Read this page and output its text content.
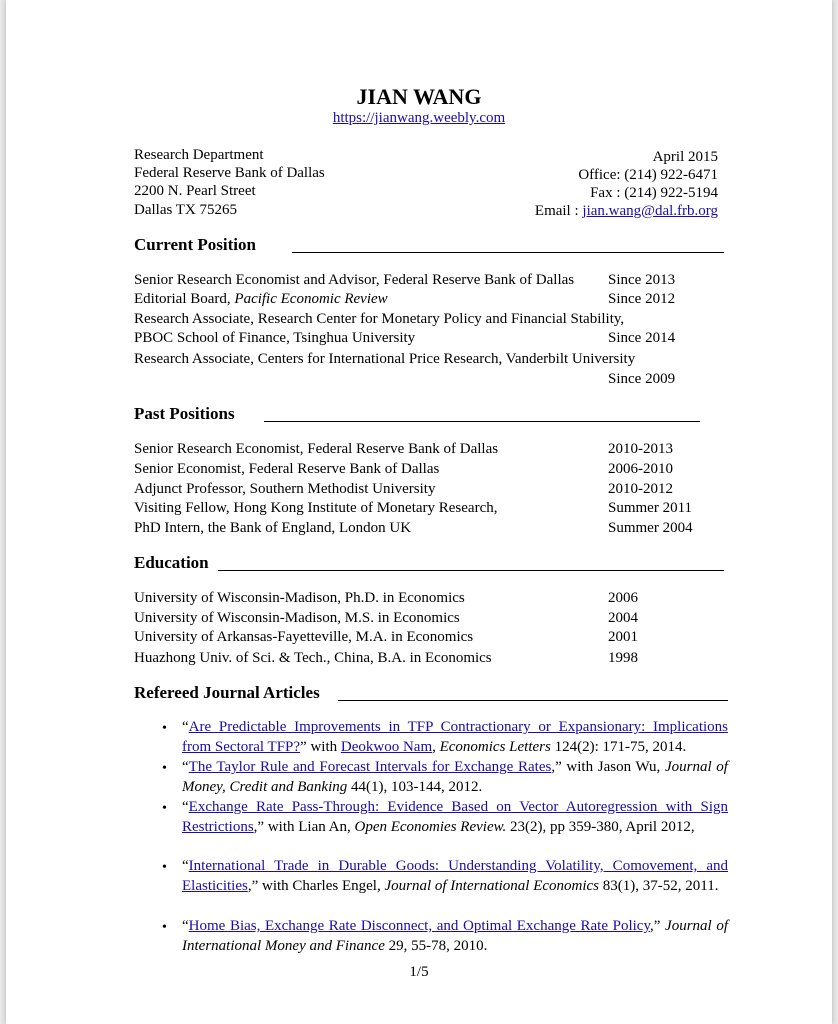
JIAN WANG
https://jianwang.weebly.com
Research Department
Federal Reserve Bank of Dallas
2200 N. Pearl Street
Dallas TX 75265
April 2015
Office: (214) 922-6471
Fax : (214) 922-5194
Email : jian.wang@dal.frb.org
Current Position
Senior Research Economist and Advisor, Federal Reserve Bank of Dallas Since 2013
Editorial Board, Pacific Economic Review	Since 2012
Research Associate, Research Center for Monetary Policy and Financial Stability,
PBOC School of Finance, Tsinghua University	Since 2014
Research Associate, Centers for International Price Research, Vanderbilt University
Since 2009
Past Positions
Senior Research Economist, Federal Reserve Bank of Dallas	2010-2013
Senior Economist, Federal Reserve Bank of Dallas	2006-2010
Adjunct Professor, Southern Methodist University	2010-2012
Visiting Fellow, Hong Kong Institute of Monetary Research,	Summer 2011
PhD Intern, the Bank of England, London UK	Summer 2004
Education
University of Wisconsin-Madison, Ph.D. in Economics	2006
University of Wisconsin-Madison, M.S. in Economics	2004
University of Arkansas-Fayetteville, M.A. in Economics	2001
Huazhong Univ. of Sci. & Tech., China, B.A. in Economics	1998
Refereed Journal Articles
• “Are Predictable Improvements in TFP Contractionary or Expansionary: Implications from Sectoral TFP?” with Deokwoo Nam, Economics Letters 124(2): 171-75, 2014.
• “The Taylor Rule and Forecast Intervals for Exchange Rates,” with Jason Wu, Journal of Money, Credit and Banking 44(1), 103-144, 2012.
• “Exchange Rate Pass-Through: Evidence Based on Vector Autoregression with Sign Restrictions,” with Lian An, Open Economies Review. 23(2), pp 359-380, April 2012,
• “International Trade in Durable Goods: Understanding Volatility, Comovement, and Elasticities,” with Charles Engel, Journal of International Economics 83(1), 37-52, 2011.
• “Home Bias, Exchange Rate Disconnect, and Optimal Exchange Rate Policy,” Journal of International Money and Finance 29, 55-78, 2010.
1/5
